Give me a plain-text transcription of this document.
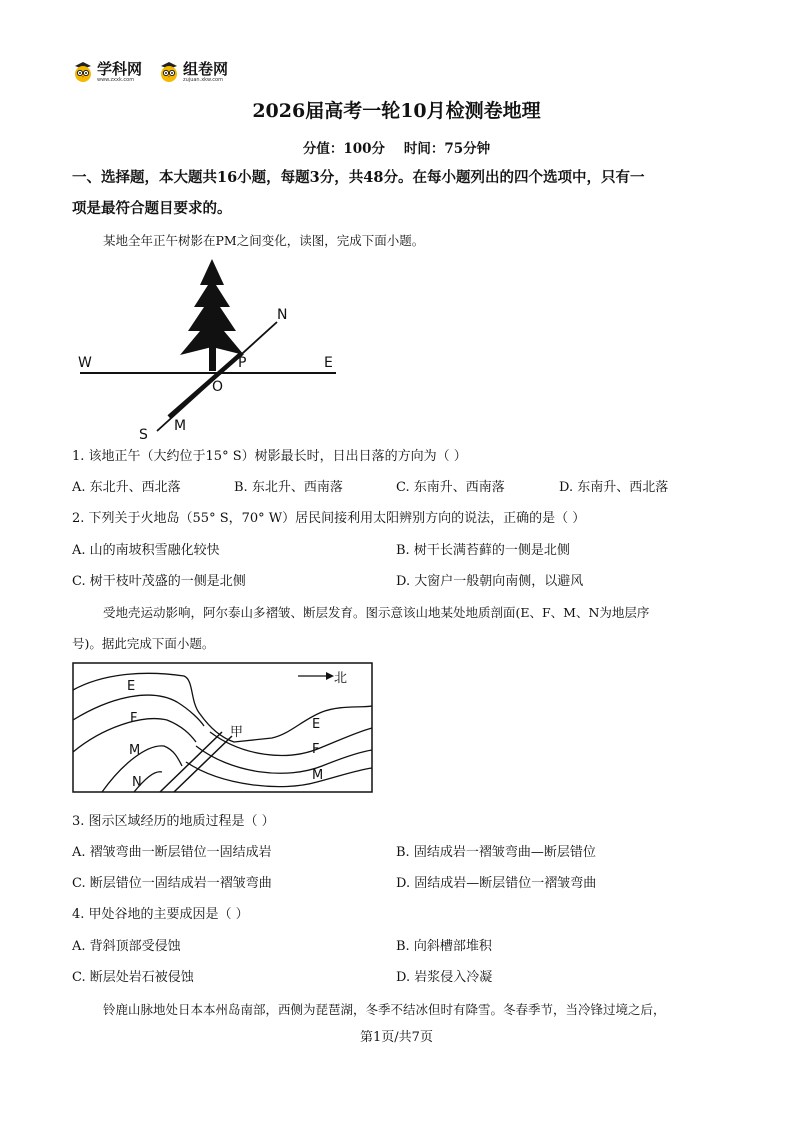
学科网
www.zxxk.com
组卷网
zujuan.xkw.com
2026届高考一轮10月检测卷地理
分值：100分    时间：75分钟
一、选择题，本大题共16小题，每题3分，共48分。在每小题列出的四个选项中，只有一
项是最符合题目要求的。
某地全年正午树影在PM之间变化，读图，完成下面小题。
N
S
W	E
O
P
M
1. 该地正午（大约位于15° S）树影最长时，日出日落的方向为（ ）
A. 东北升、西北落	B. 东北升、西南落	C. 东南升、西南落	D. 东南升、西北落
2. 下列关于火地岛（55° S，70° W）居民间接利用太阳辨别方向的说法，正确的是（ ）
A. 山的南坡积雪融化较快	B. 树干长满苔藓的一侧是北侧
C. 树干枝叶茂盛的一侧是北侧	D. 大窗户一般朝向南侧，以避风
受地壳运动影响，阿尔泰山多褶皱、断层发育。图示意该山地某处地质剖面(E、F、M、N为地层序
号)。据此完成下面小题。
北
E
F
M
N
甲
E
F
M
3. 图示区域经历的地质过程是（ ）
A. 褶皱弯曲一断层错位一固结成岩	B. 固结成岩一褶皱弯曲—断层错位
C. 断层错位一固结成岩一褶皱弯曲	D. 固结成岩—断层错位一褶皱弯曲
4. 甲处谷地的主要成因是（ ）
A. 背斜顶部受侵蚀	B. 向斜槽部堆积
C. 断层处岩石被侵蚀	D. 岩浆侵入冷凝
铃鹿山脉地处日本本州岛南部，西侧为琵琶湖，冬季不结冰但时有降雪。冬春季节，当冷锋过境之后，
第1页/共7页
